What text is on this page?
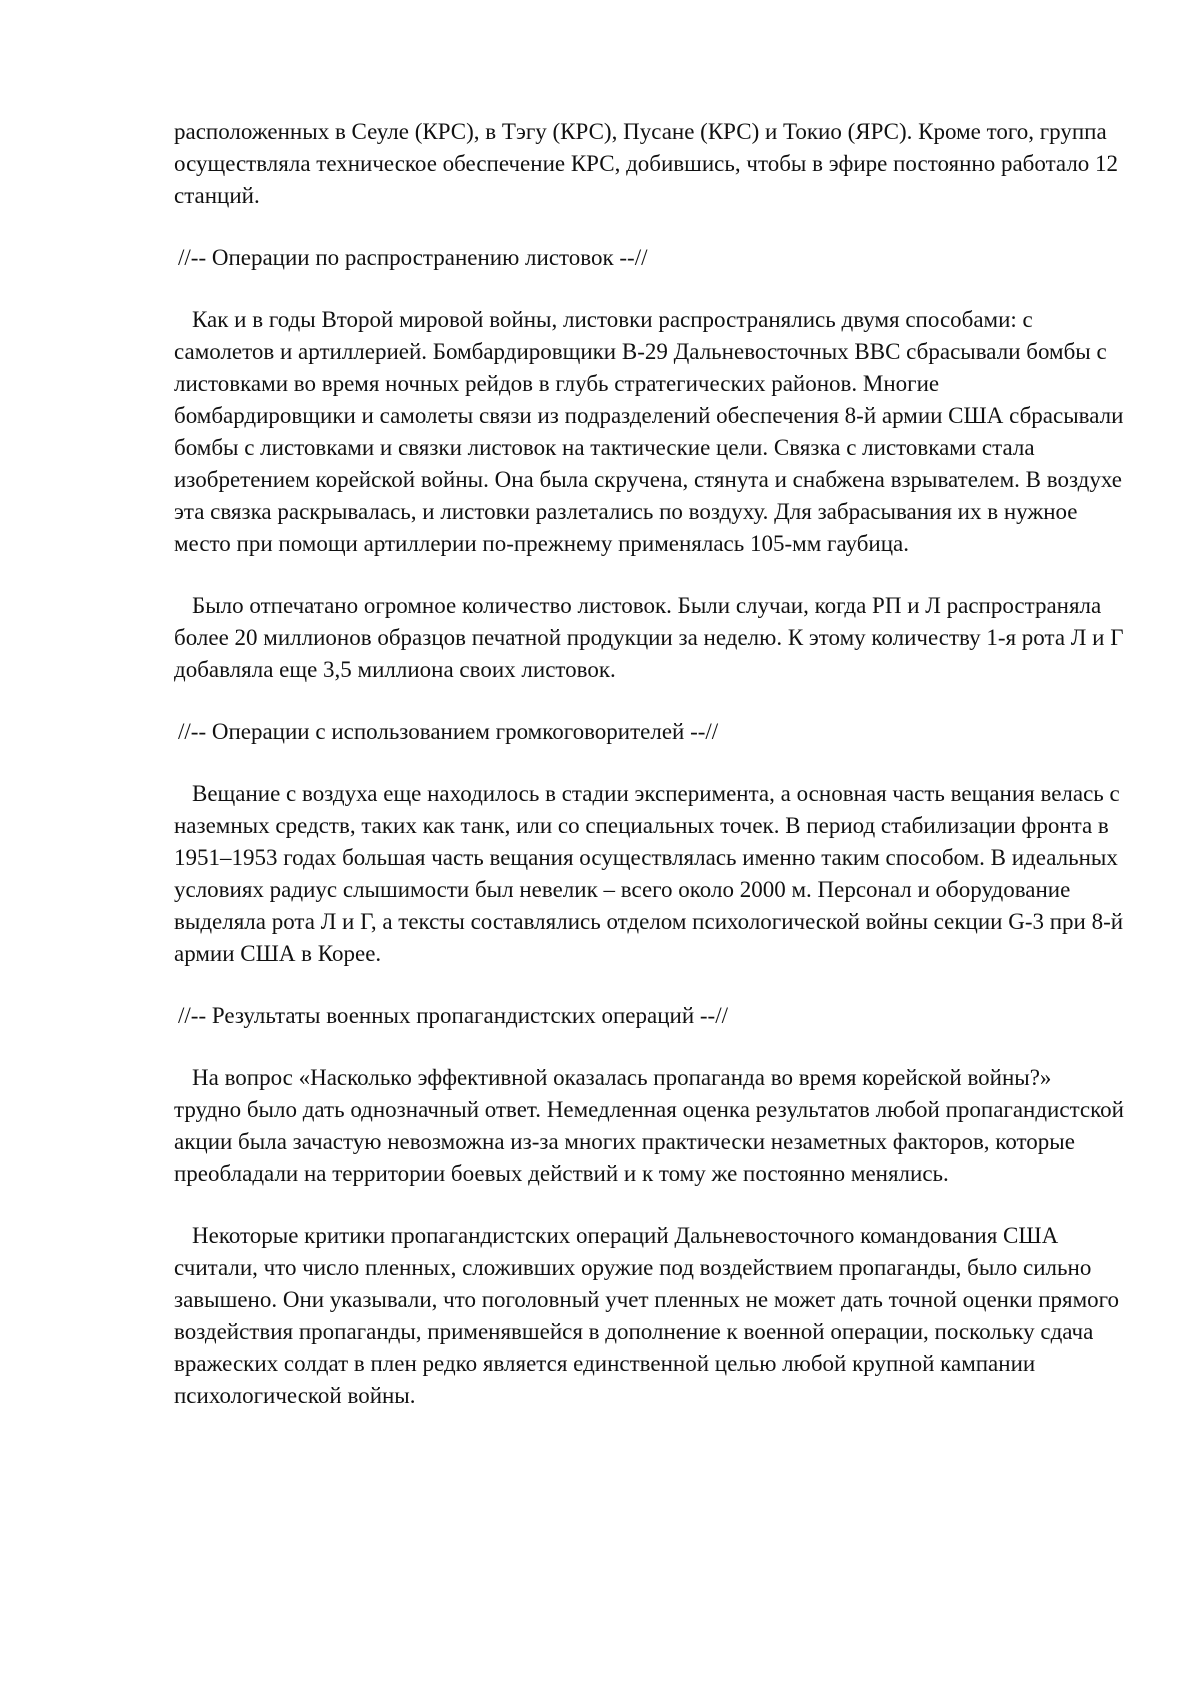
расположенных в Сеуле (КРС), в Тэгу (КРС), Пусане (КРС) и Токио (ЯРС). Кроме того, группа осуществляла техническое обеспечение КРС, добившись, чтобы в эфире постоянно работало 12 станций.

//-- Операции по распространению листовок --//

Как и в годы Второй мировой войны, листовки распространялись двумя способами: с самолетов и артиллерией. Бомбардировщики B-29 Дальневосточных ВВС сбрасывали бомбы с листовками во время ночных рейдов в глубь стратегических районов. Многие бомбардировщики и самолеты связи из подразделений обеспечения 8-й армии США сбрасывали бомбы с листовками и связки листовок на тактические цели. Связка с листовками стала изобретением корейской войны. Она была скручена, стянута и снабжена взрывателем. В воздухе эта связка раскрывалась, и листовки разлетались по воздуху. Для забрасывания их в нужное место при помощи артиллерии по-прежнему применялась 105-мм гаубица.

Было отпечатано огромное количество листовок. Были случаи, когда РП и Л распространяла более 20 миллионов образцов печатной продукции за неделю. К этому количеству 1-я рота Л и Г добавляла еще 3,5 миллиона своих листовок.

//-- Операции с использованием громкоговорителей --//

Вещание с воздуха еще находилось в стадии эксперимента, а основная часть вещания велась с наземных средств, таких как танк, или со специальных точек. В период стабилизации фронта в 1951–1953 годах большая часть вещания осуществлялась именно таким способом. В идеальных условиях радиус слышимости был невелик – всего около 2000 м. Персонал и оборудование выделяла рота Л и Г, а тексты составлялись отделом психологической войны секции G-3 при 8-й армии США в Корее.

//-- Результаты военных пропагандистских операций --//

На вопрос «Насколько эффективной оказалась пропаганда во время корейской войны?» трудно было дать однозначный ответ. Немедленная оценка результатов любой пропагандистской акции была зачастую невозможна из-за многих практически незаметных факторов, которые преобладали на территории боевых действий и к тому же постоянно менялись.

Некоторые критики пропагандистских операций Дальневосточного командования США считали, что число пленных, сложивших оружие под воздействием пропаганды, было сильно завышено. Они указывали, что поголовный учет пленных не может дать точной оценки прямого воздействия пропаганды, применявшейся в дополнение к военной операции, поскольку сдача вражеских солдат в плен редко является единственной целью любой крупной кампании психологической войны.
